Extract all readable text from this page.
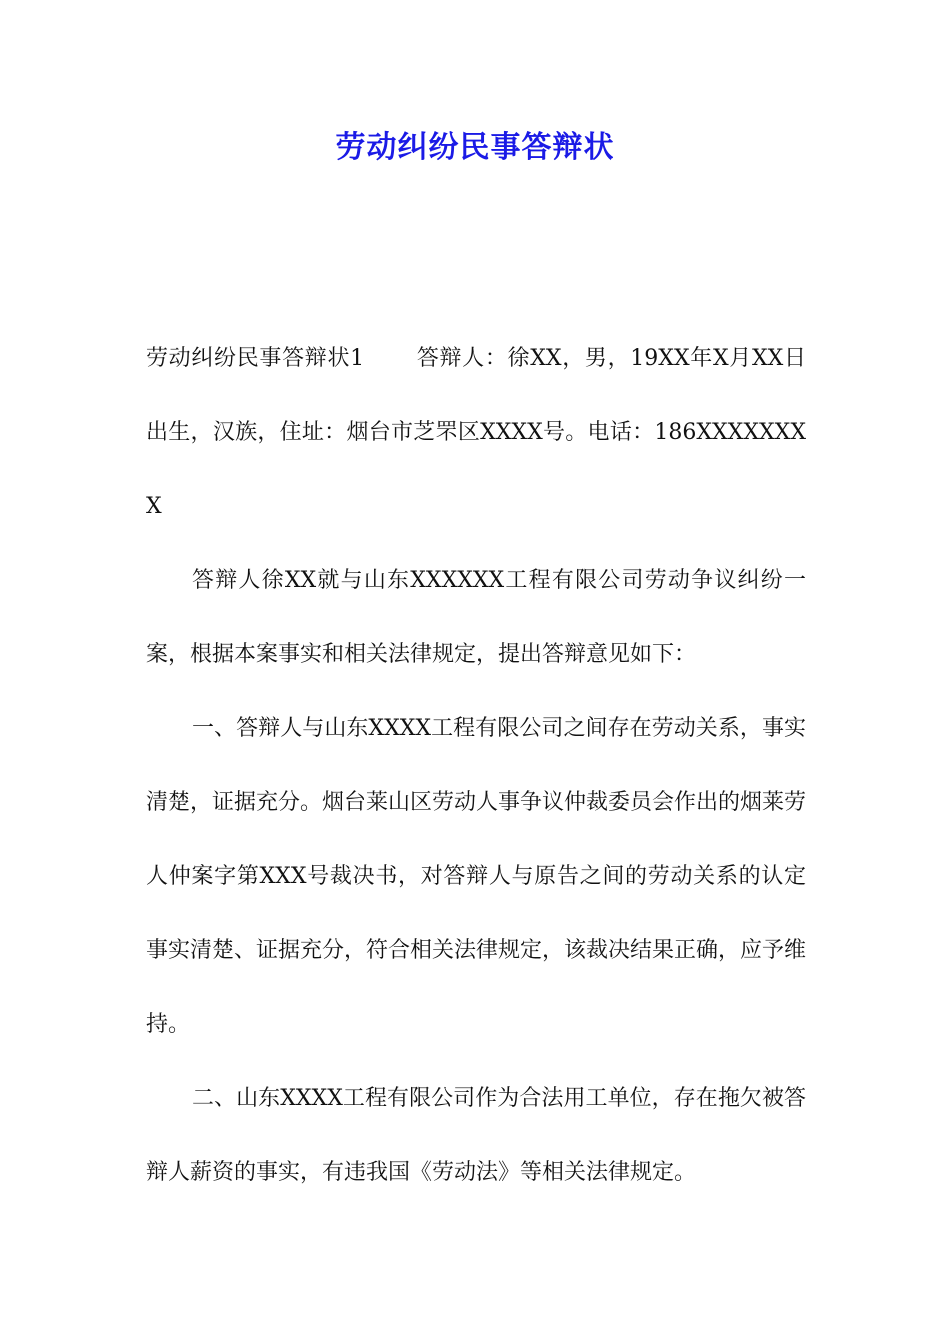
劳动纠纷民事答辩状

劳动纠纷民事答辩状1 答辩人：徐XX，男，19XX年X月XX日出生，汉族，住址：烟台市芝罘区XXXX号。电话：186XXXXXXXX

答辩人徐XX就与山东XXXXXX工程有限公司劳动争议纠纷一案，根据本案事实和相关法律规定，提出答辩意见如下：

一、答辩人与山东XXXX工程有限公司之间存在劳动关系，事实清楚，证据充分。烟台莱山区劳动人事争议仲裁委员会作出的烟莱劳人仲案字第XXX号裁决书，对答辩人与原告之间的劳动关系的认定事实清楚、证据充分，符合相关法律规定，该裁决结果正确，应予维持。

二、山东XXXX工程有限公司作为合法用工单位，存在拖欠被答辩人薪资的事实，有违我国《劳动法》等相关法律规定。
